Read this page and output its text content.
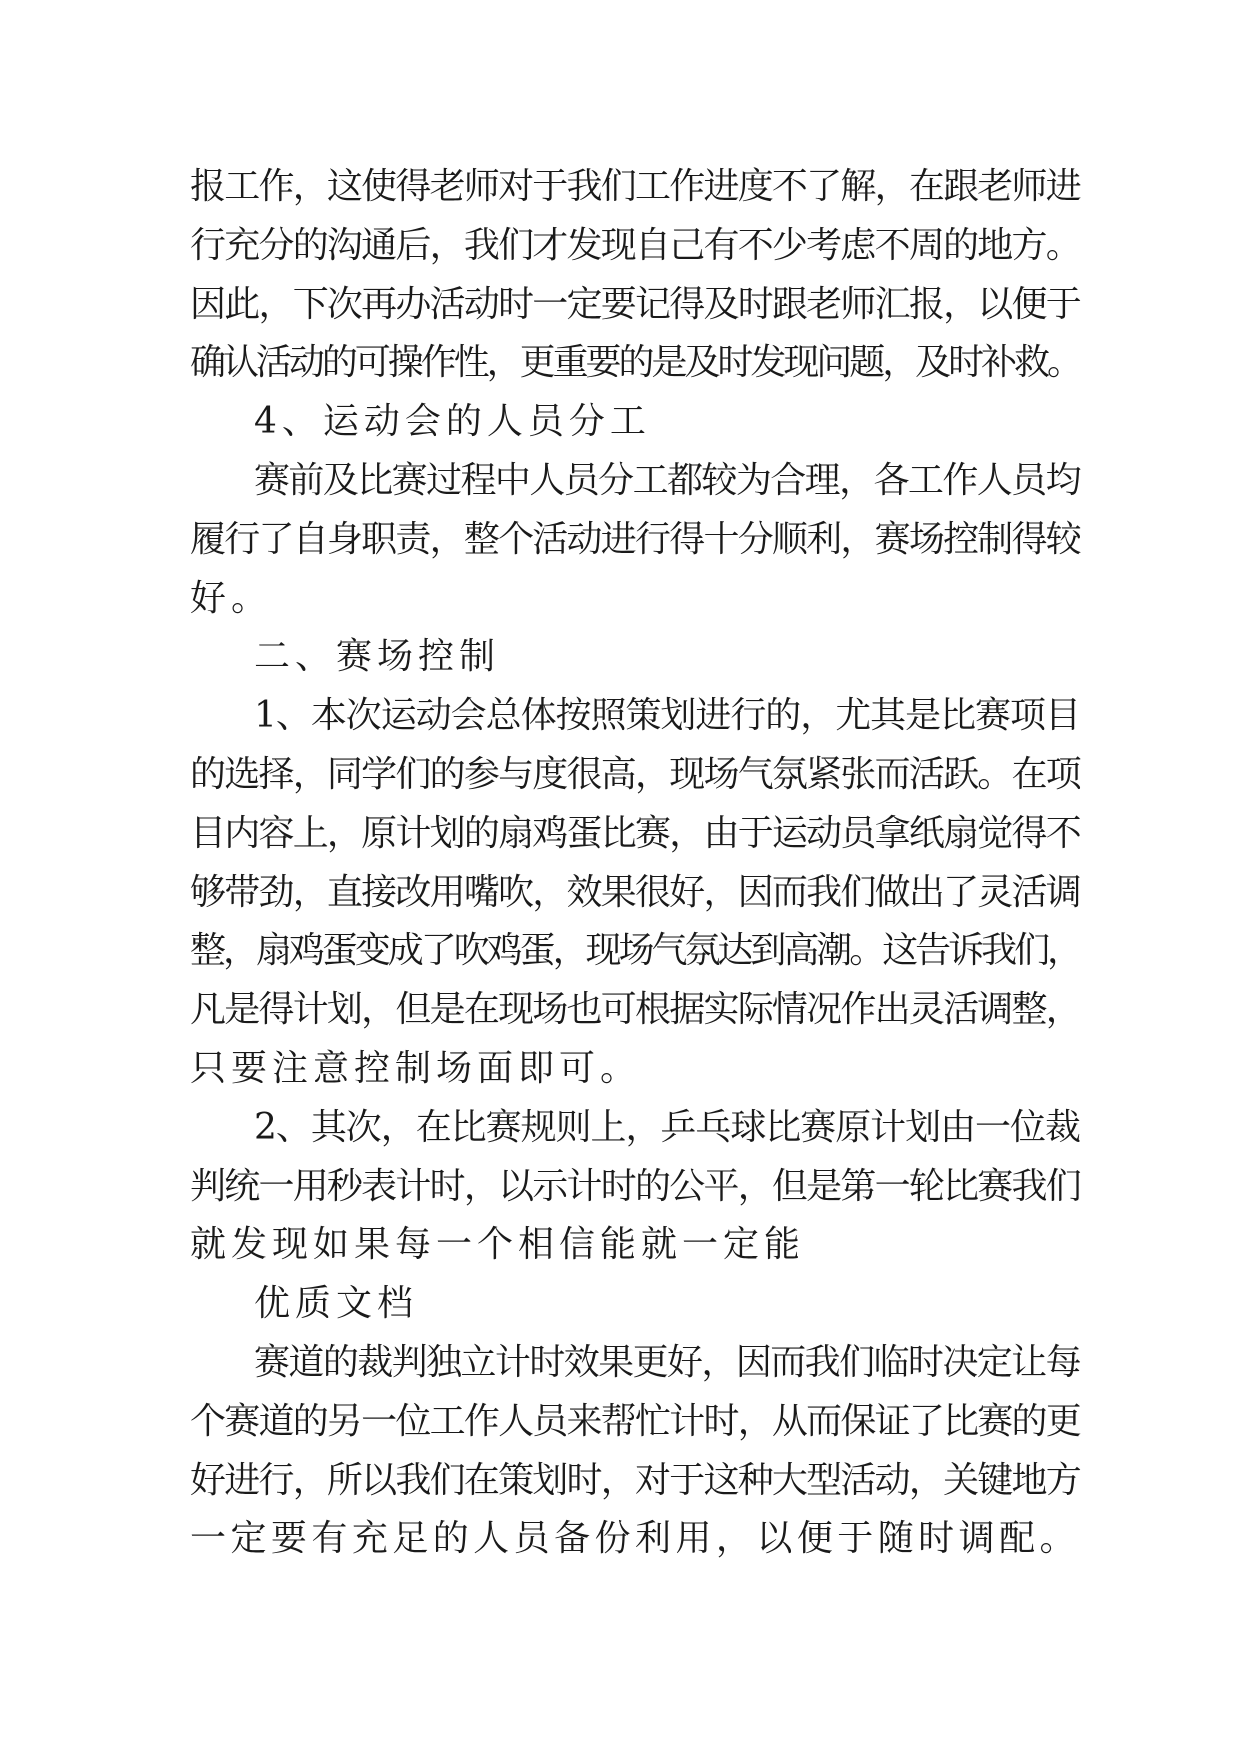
报工作，这使得老师对于我们工作进度不了解，在跟老师进
行充分的沟通后，我们才发现自己有不少考虑不周的地方。
因此，下次再办活动时一定要记得及时跟老师汇报，以便于
确认活动的可操作性，更重要的是及时发现问题，及时补救。
4、运动会的人员分工
赛前及比赛过程中人员分工都较为合理，各工作人员均
履行了自身职责，整个活动进行得十分顺利，赛场控制得较
好。
二、赛场控制
1、本次运动会总体按照策划进行的，尤其是比赛项目
的选择，同学们的参与度很高，现场气氛紧张而活跃。在项
目内容上，原计划的扇鸡蛋比赛，由于运动员拿纸扇觉得不
够带劲，直接改用嘴吹，效果很好，因而我们做出了灵活调
整，扇鸡蛋变成了吹鸡蛋，现场气氛达到高潮。这告诉我们，
凡是得计划，但是在现场也可根据实际情况作出灵活调整，
只要注意控制场面即可。
2、其次，在比赛规则上，乒乓球比赛原计划由一位裁
判统一用秒表计时，以示计时的公平，但是第一轮比赛我们
就发现如果每一个相信能就一定能
优质文档
赛道的裁判独立计时效果更好，因而我们临时决定让每
个赛道的另一位工作人员来帮忙计时，从而保证了比赛的更
好进行，所以我们在策划时，对于这种大型活动，关键地方
一定要有充足的人员备份利用，以便于随时调配。
